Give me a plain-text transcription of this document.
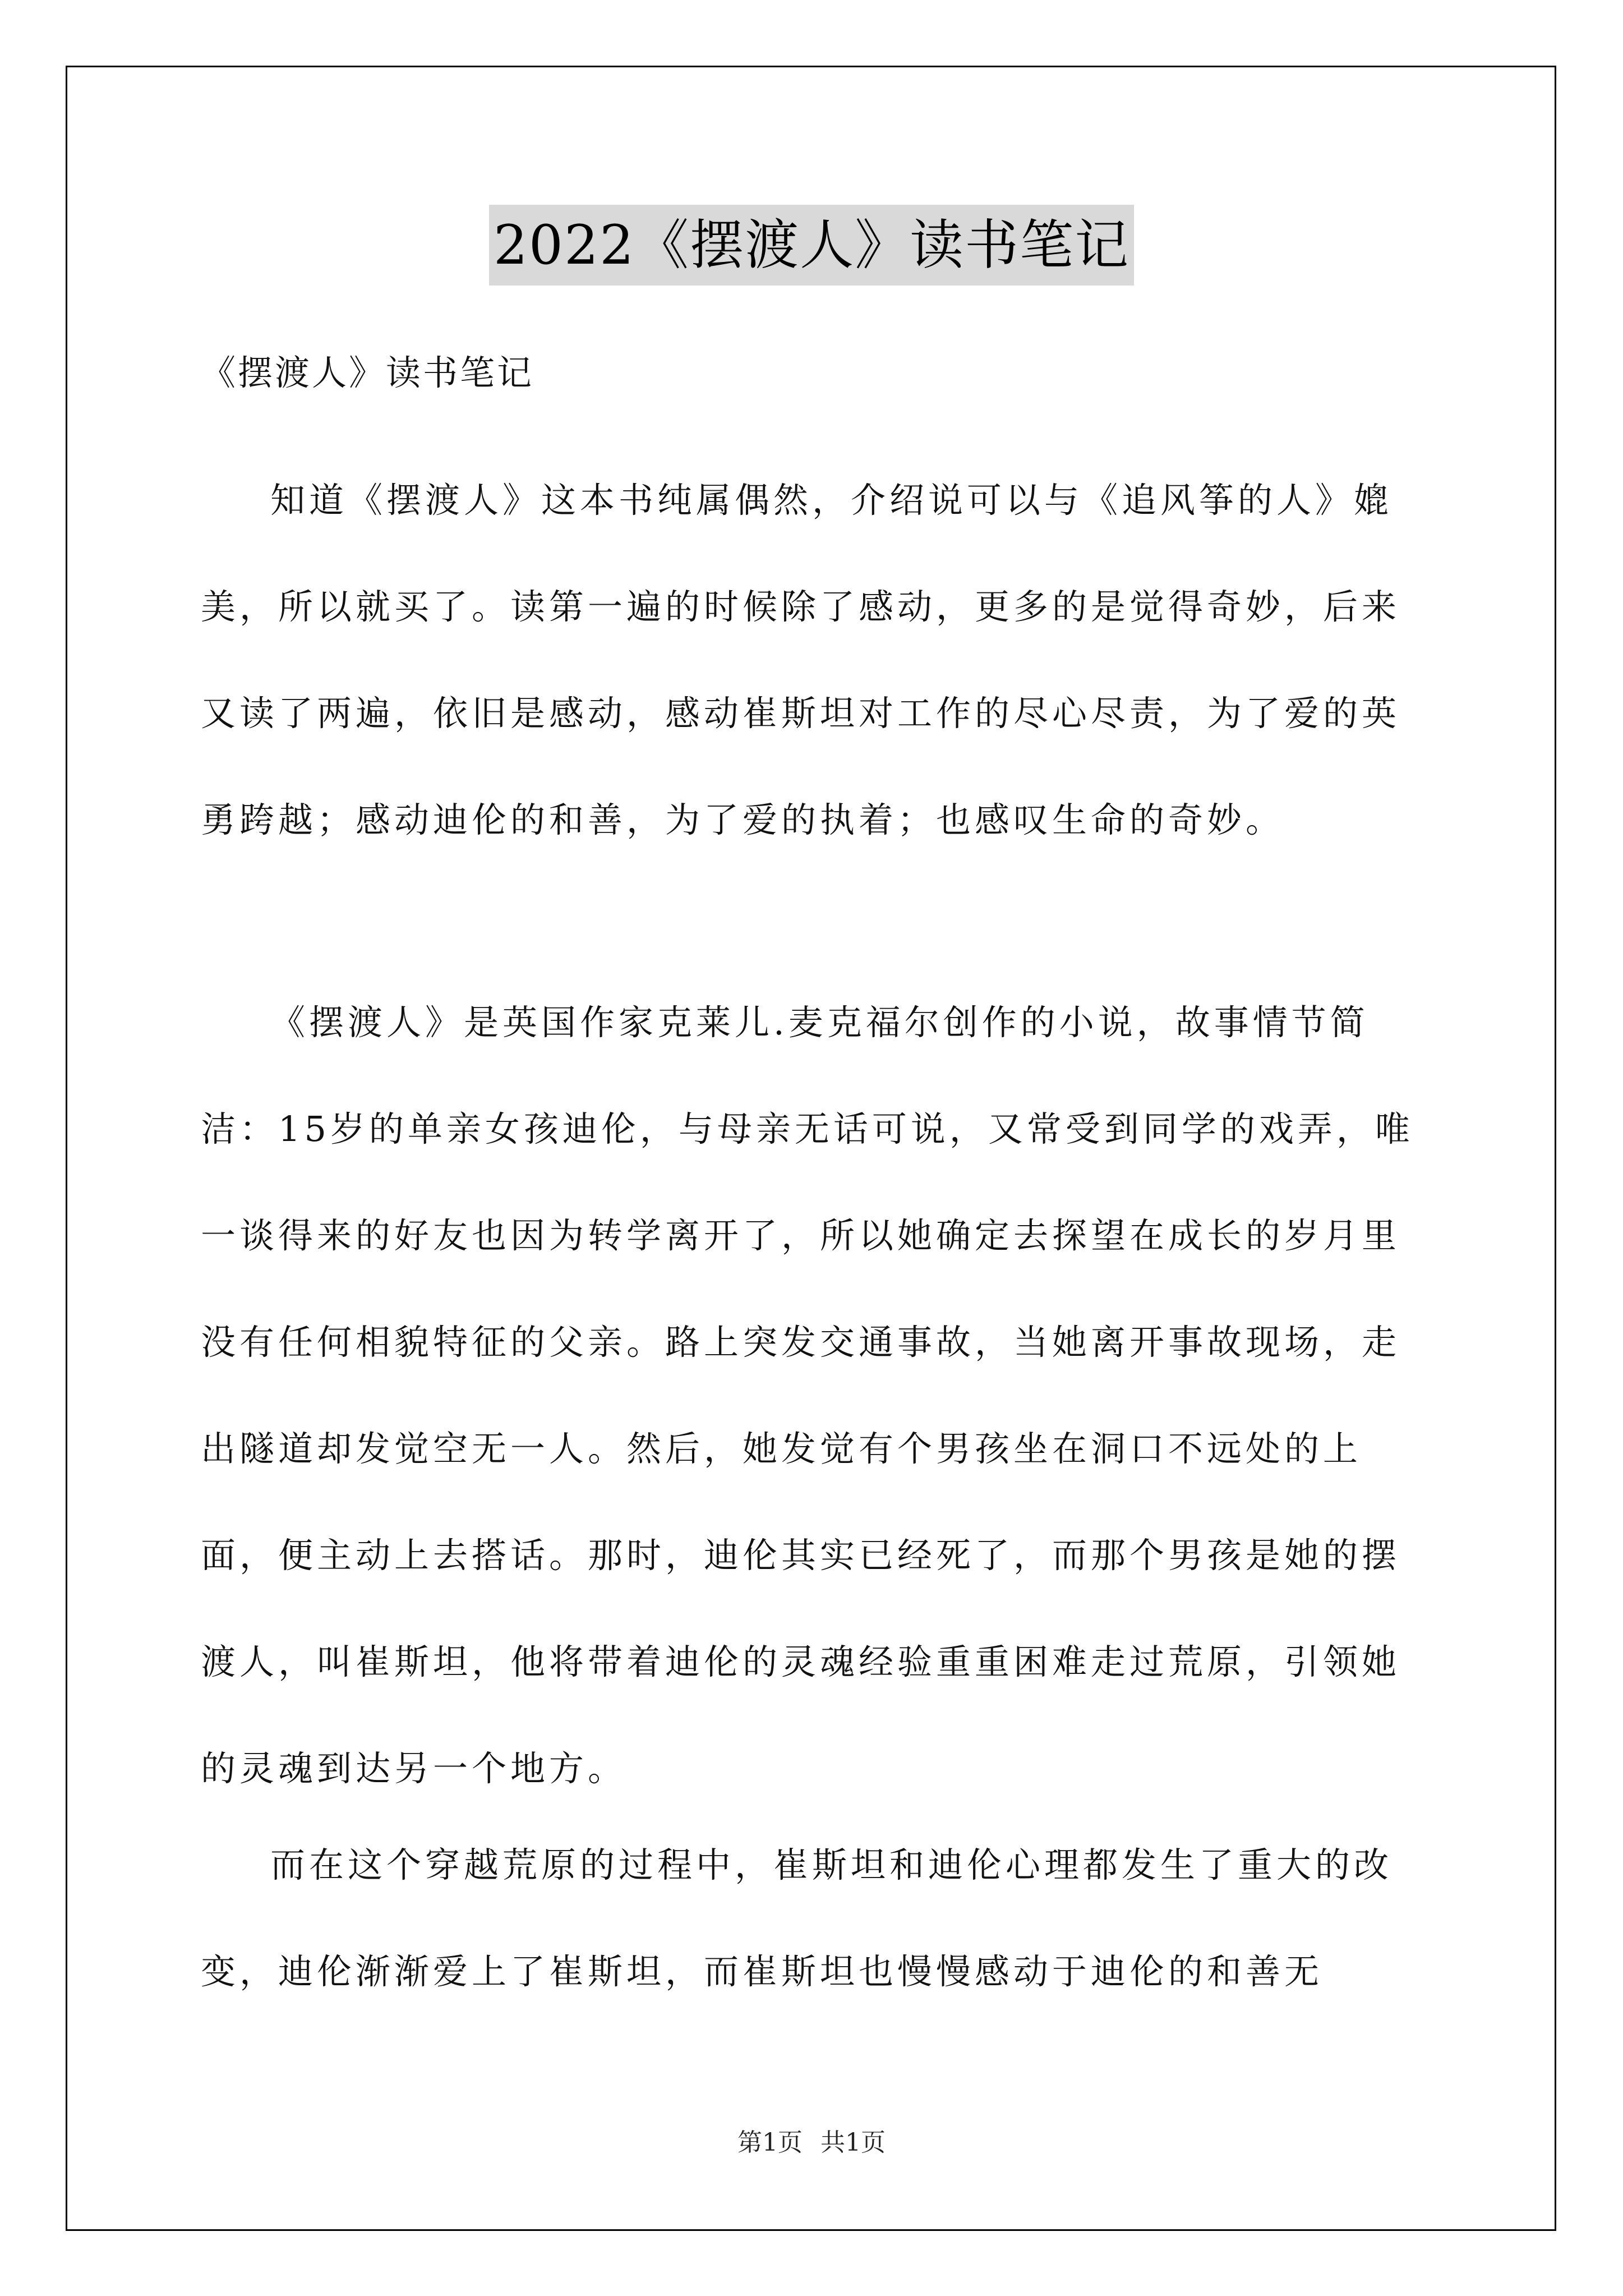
2022《摆渡人》读书笔记
《摆渡人》读书笔记

知道《摆渡人》这本书纯属偶然，介绍说可以与《追风筝的人》媲美，所以就买了。读第一遍的时候除了感动，更多的是觉得奇妙，后来又读了两遍，依旧是感动，感动崔斯坦对工作的尽心尽责，为了爱的英勇跨越；感动迪伦的和善，为了爱的执着；也感叹生命的奇妙。

《摆渡人》是英国作家克莱儿.麦克福尔创作的小说，故事情节简洁：15岁的单亲女孩迪伦，与母亲无话可说，又常受到同学的戏弄，唯一谈得来的好友也因为转学离开了，所以她确定去探望在成长的岁月里没有任何相貌特征的父亲。路上突发交通事故，当她离开事故现场，走出隧道却发觉空无一人。然后，她发觉有个男孩坐在洞口不远处的上面，便主动上去搭话。那时，迪伦其实已经死了，而那个男孩是她的摆渡人，叫崔斯坦，他将带着迪伦的灵魂经验重重困难走过荒原，引领她的灵魂到达另一个地方。

而在这个穿越荒原的过程中，崔斯坦和迪伦心理都发生了重大的改变，迪伦渐渐爱上了崔斯坦，而崔斯坦也慢慢感动于迪伦的和善无

第1页 共1页
